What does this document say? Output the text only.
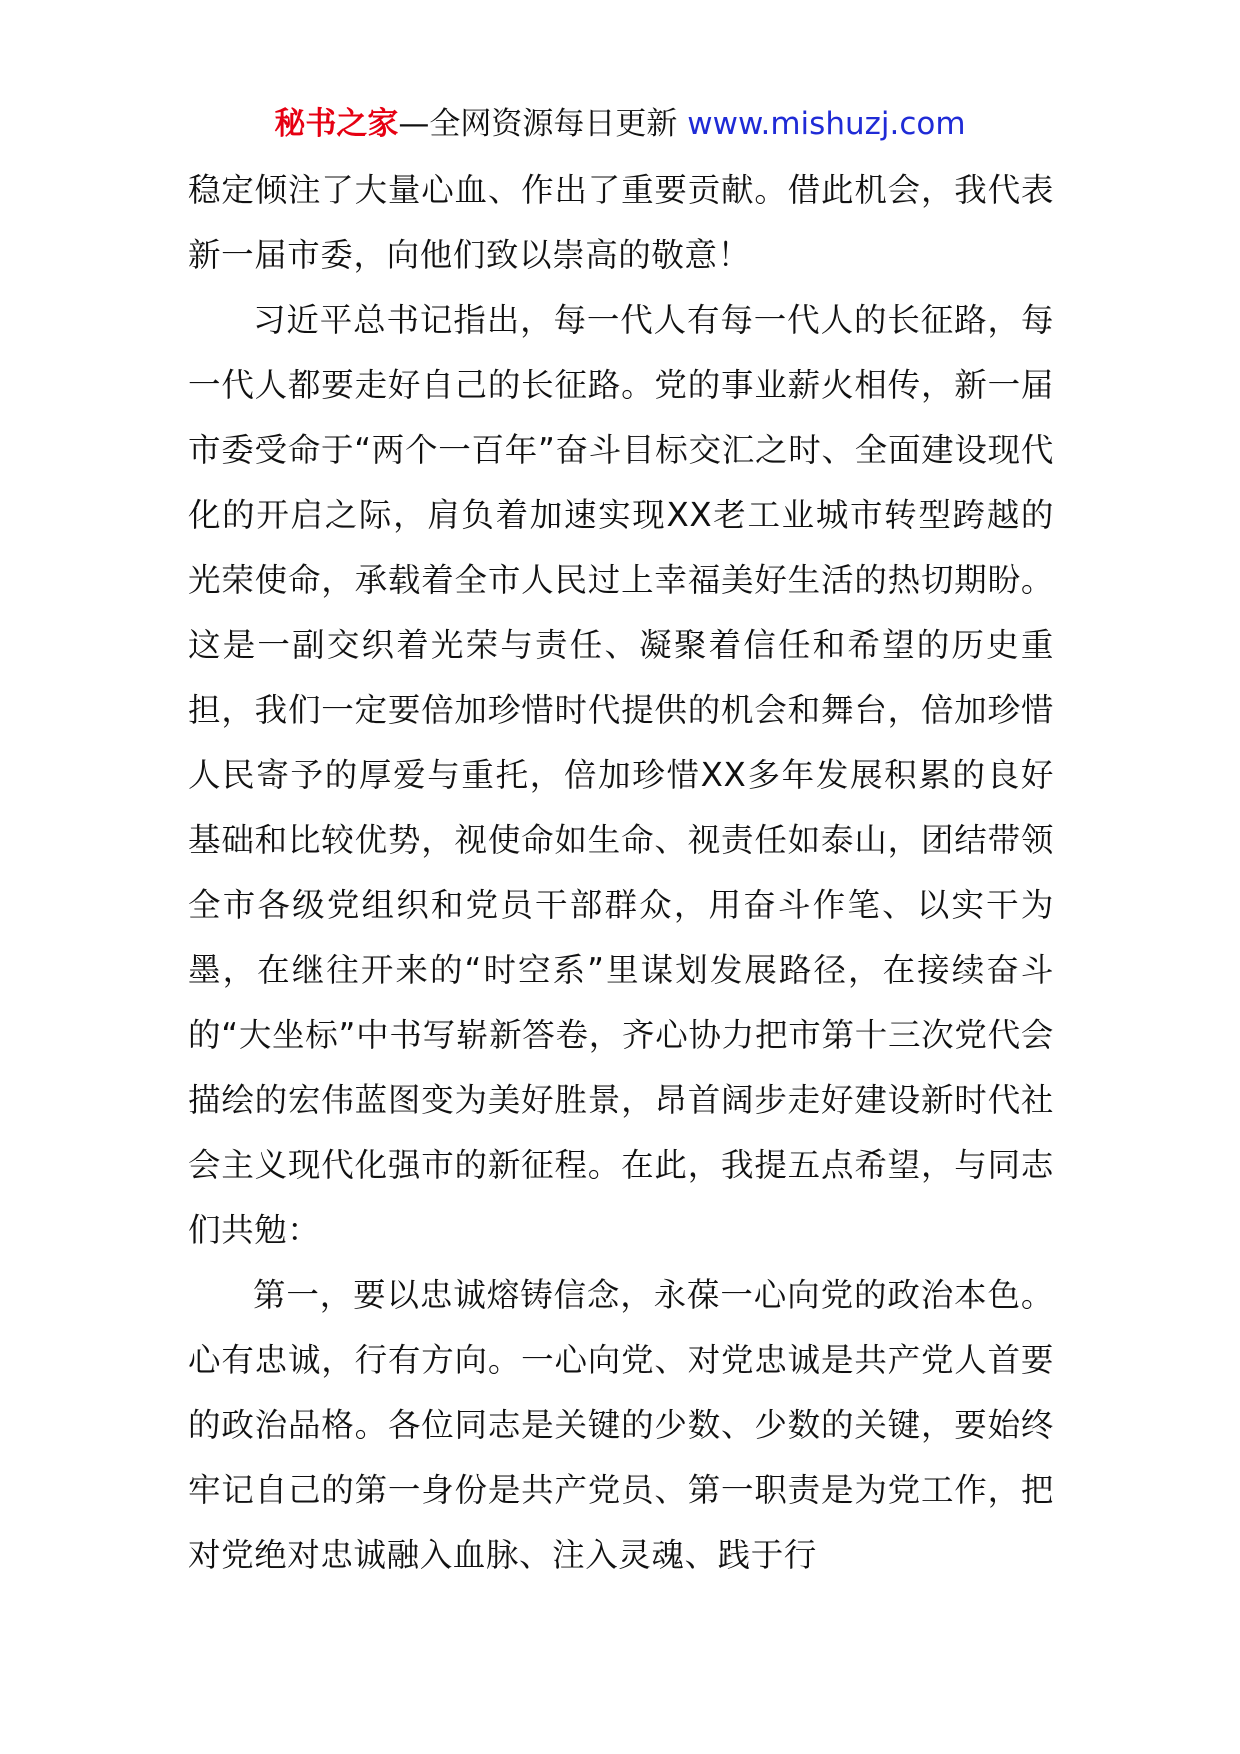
秘书之家—全网资源每日更新 www.mishuzj.com

稳定倾注了大量心血、作出了重要贡献。借此机会，我代表新一届市委，向他们致以崇高的敬意！

习近平总书记指出，每一代人有每一代人的长征路，每一代人都要走好自己的长征路。党的事业薪火相传，新一届市委受命于“两个一百年”奋斗目标交汇之时、全面建设现代化的开启之际，肩负着加速实现XX老工业城市转型跨越的光荣使命，承载着全市人民过上幸福美好生活的热切期盼。这是一副交织着光荣与责任、凝聚着信任和希望的历史重担，我们一定要倍加珍惜时代提供的机会和舞台，倍加珍惜人民寄予的厚爱与重托，倍加珍惜XX多年发展积累的良好基础和比较优势，视使命如生命、视责任如泰山，团结带领全市各级党组织和党员干部群众，用奋斗作笔、以实干为墨，在继往开来的“时空系”里谋划发展路径，在接续奋斗的“大坐标”中书写崭新答卷，齐心协力把市第十三次党代会描绘的宏伟蓝图变为美好胜景，昂首阔步走好建设新时代社会主义现代化强市的新征程。在此，我提五点希望，与同志们共勉：

第一，要以忠诚熔铸信念，永葆一心向党的政治本色。心有忠诚，行有方向。一心向党、对党忠诚是共产党人首要的政治品格。各位同志是关键的少数、少数的关键，要始终牢记自己的第一身份是共产党员、第一职责是为党工作，把对党绝对忠诚融入血脉、注入灵魂、践于行
